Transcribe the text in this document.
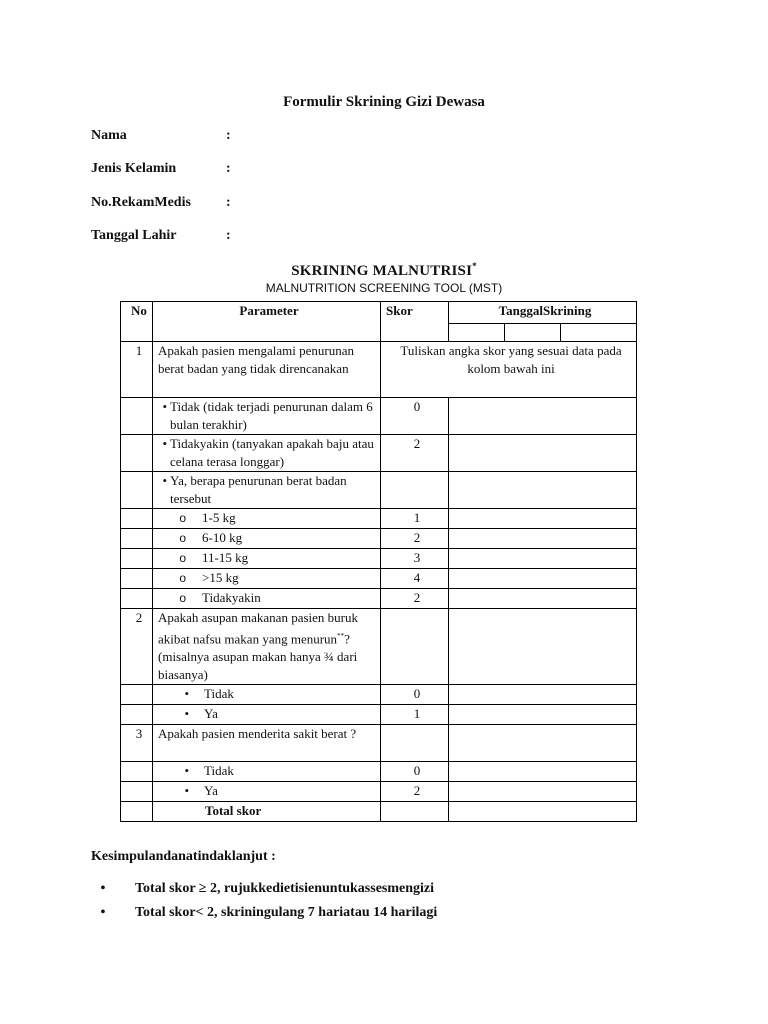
Formulir Skrining Gizi Dewasa
Nama	:
Jenis Kelamin	:
No.RekamMedis	:
Tanggal Lahir	:
SKRINING MALNUTRISI*
MALNUTRITION SCREENING TOOL (MST)
No	Parameter	Skor	TanggalSkrining		

1	Apakah pasien mengalami penurunan berat badan yang tidak direncanakan	Tuliskan angka skor yang sesuai data pada kolom bawah ini			

	• Tidak (tidak terjadi penurunan dalam 6 bulan terakhir)	0			

	• Tidakyakin (tanyakan apakah baju atau celana terasa longgar)	2			

	• Ya, berapa penurunan berat badan tersebut				

	o 1-5 kg	1			

	o 6-10 kg	2			

	o 11-15 kg	3			

	o >15 kg	4			

	o Tidakyakin	2			
2	Apakah asupan makanan pasien buruk akibat nafsu makan yang menurun**? (misalnya asupan makan hanya ¾ dari biasanya)				

	• Tidak	0			

	• Ya	1			
3	Apakah pasien menderita sakit berat ?				

	• Tidak	0			

	• Ya	2			
	Total skor				
Kesimpulandanatindaklanjut :
•	Total skor ≥ 2, rujukkedietisienuntukassesmengizi
•	Total skor< 2, skriningulang 7 hariatau 14 harilagi
